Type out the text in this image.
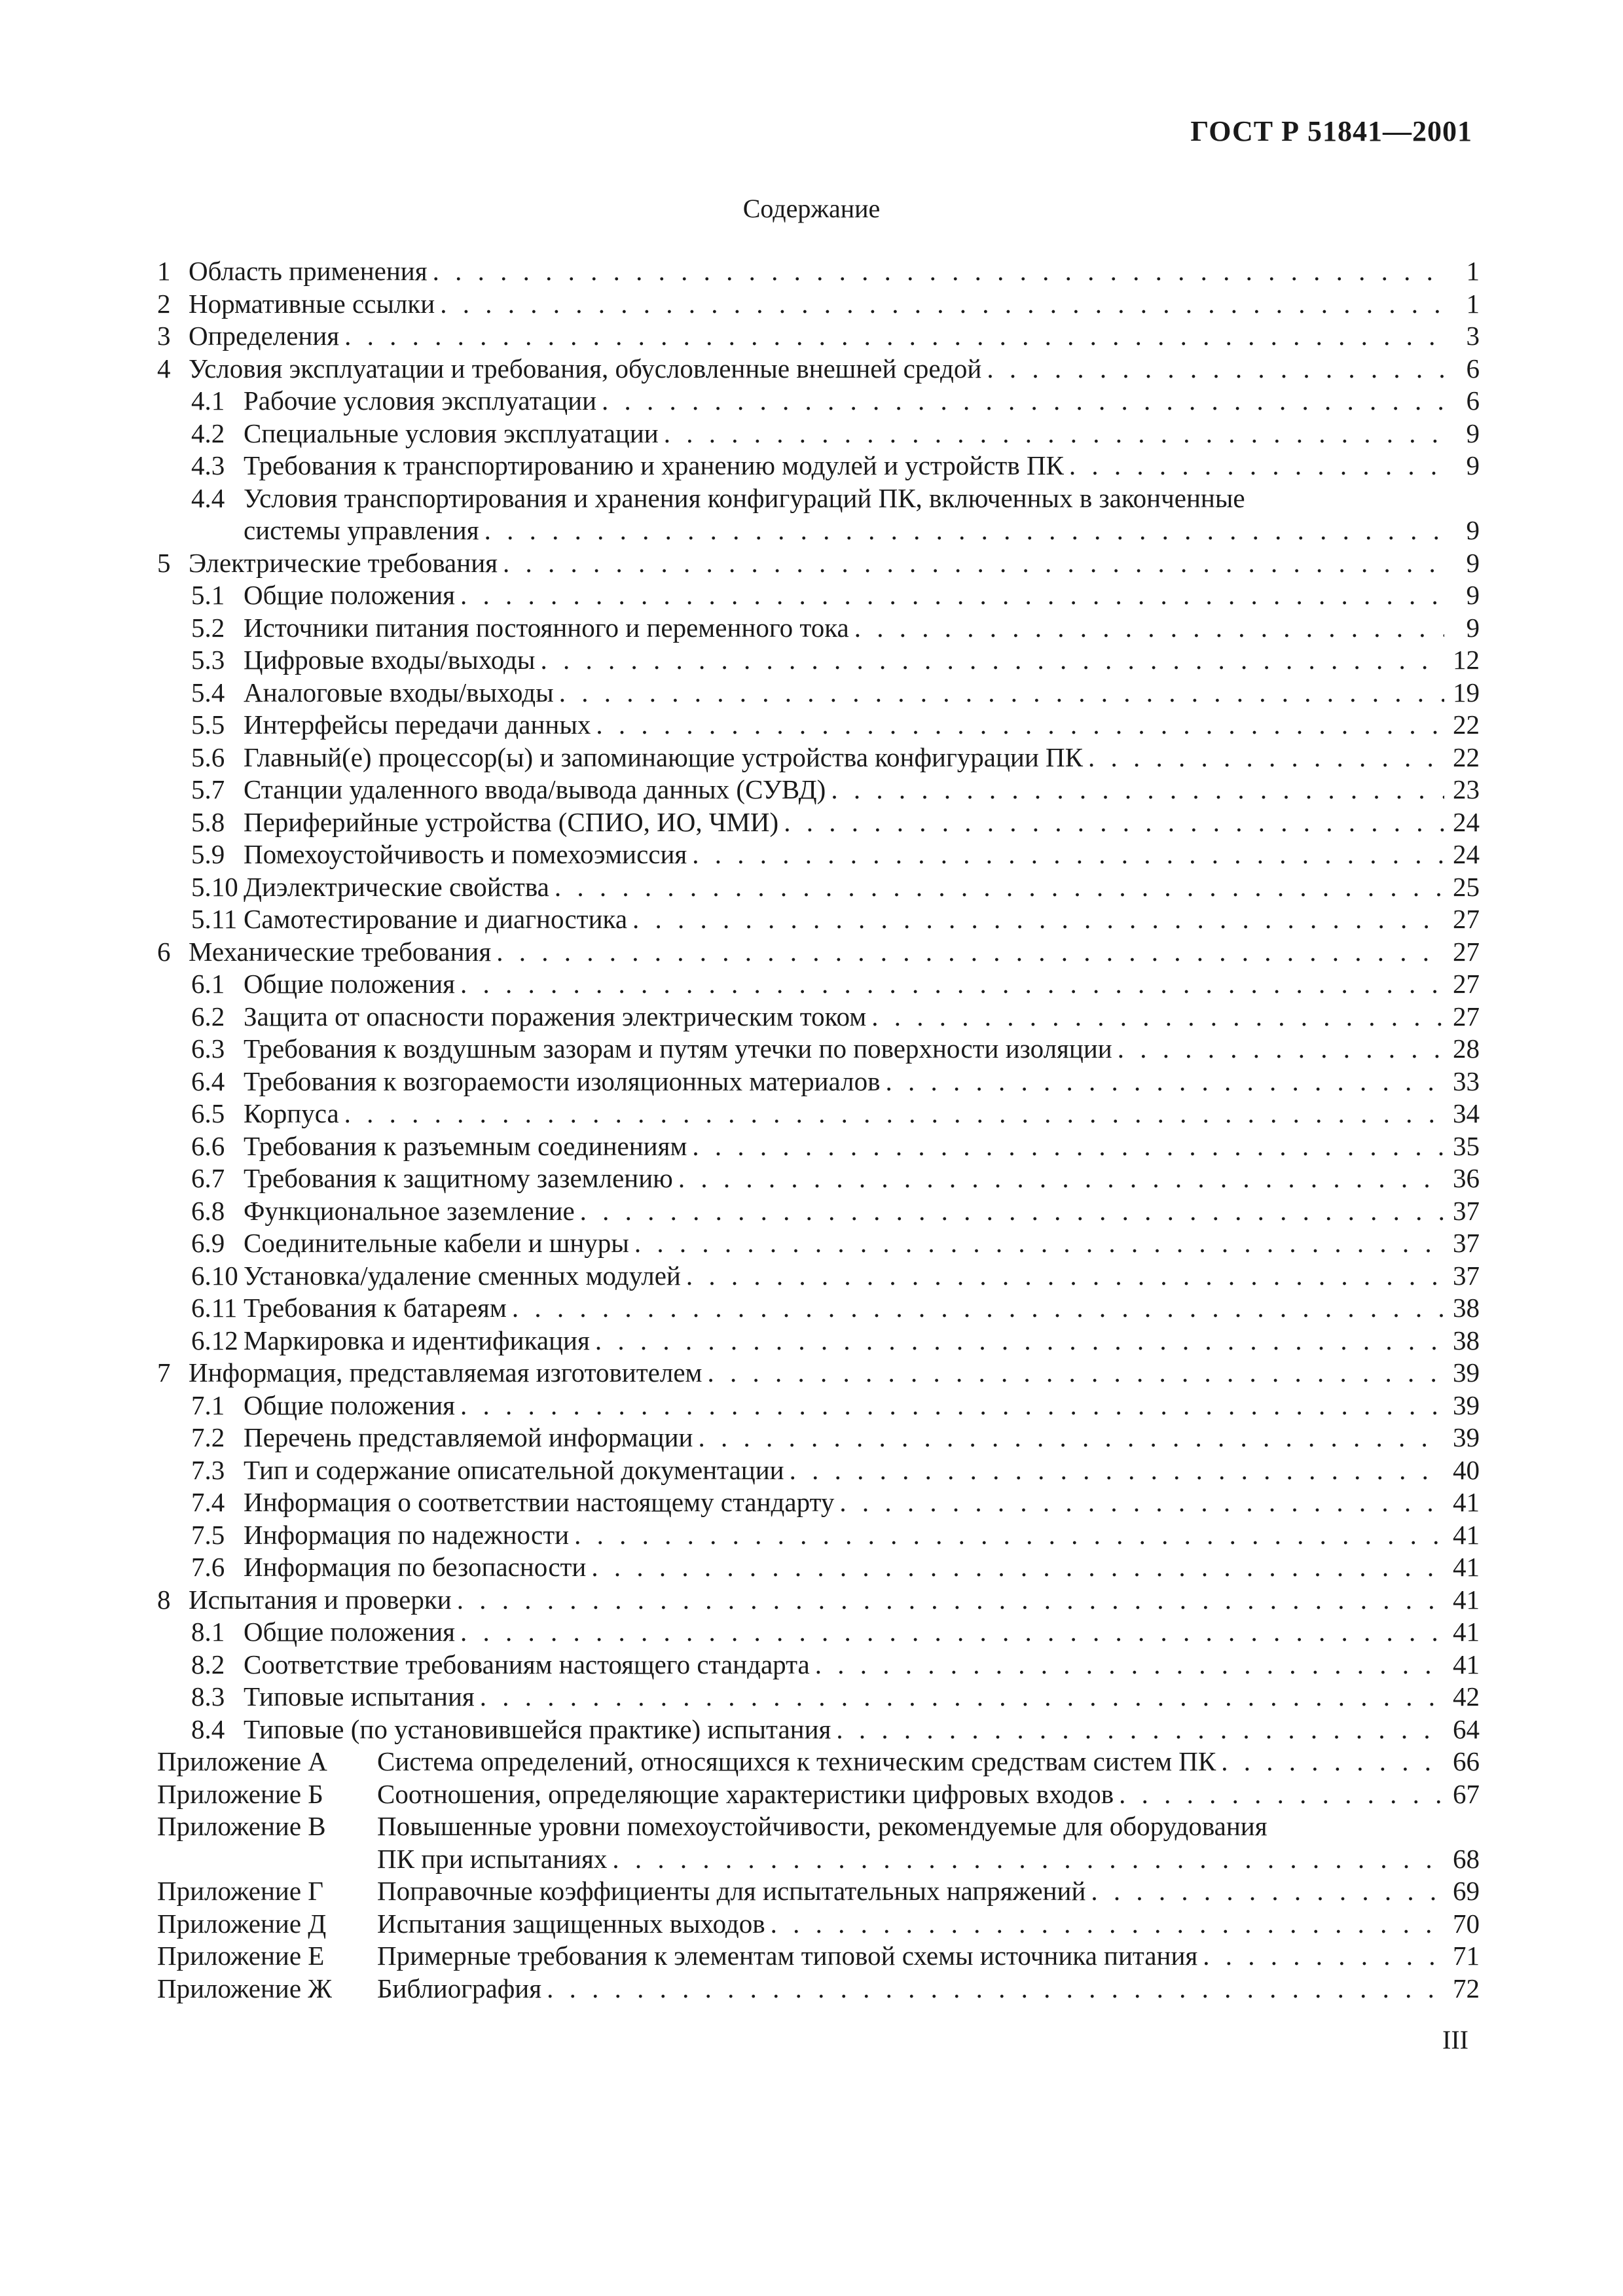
ГОСТ Р 51841—2001
Содержание
1 Область применения . . .	1
2 Нормативные ссылки . . .	1
3 Определения . . .	3
4 Условия эксплуатации и требования, обусловленные внешней средой . . .	6
4.1 Рабочие условия эксплуатации . . .	6
4.2 Специальные условия эксплуатации . . .	9
4.3 Требования к транспортированию и хранению модулей и устройств ПК . . .	9
4.4 Условия транспортирования и хранения конфигураций ПК, включенных в законченные
системы управления . . .	9
5 Электрические требования . . .	9
5.1 Общие положения . . .	9
5.2 Источники питания постоянного и переменного тока . . .	9
5.3 Цифровые входы/выходы . . .	12
5.4 Аналоговые входы/выходы . . .	19
5.5 Интерфейсы передачи данных . . .	22
5.6 Главный(е) процессор(ы) и запоминающие устройства конфигурации ПК . . .	22
5.7 Станции удаленного ввода/вывода данных (СУВД) . . .	23
5.8 Периферийные устройства (СПИО, ИО, ЧМИ) . . .	24
5.9 Помехоустойчивость и помехоэмиссия . . .	24
5.10 Диэлектрические свойства . . .	25
5.11 Самотестирование и диагностика . . .	27
6 Механические требования . . .	27
6.1 Общие положения . . .	27
6.2 Защита от опасности поражения электрическим током . . .	27
6.3 Требования к воздушным зазорам и путям утечки по поверхности изоляции . . .	28
6.4 Требования к возгораемости изоляционных материалов . . .	33
6.5 Корпуса . . .	34
6.6 Требования к разъемным соединениям . . .	35
6.7 Требования к защитному заземлению . . .	36
6.8 Функциональное заземление . . .	37
6.9 Соединительные кабели и шнуры . . .	37
6.10 Установка/удаление сменных модулей . . .	37
6.11 Требования к батареям . . .	38
6.12 Маркировка и идентификация . . .	38
7 Информация, представляемая изготовителем . . .	39
7.1 Общие положения . . .	39
7.2 Перечень представляемой информации . . .	39
7.3 Тип и содержание описательной документации . . .	40
7.4 Информация о соответствии настоящему стандарту . . .	41
7.5 Информация по надежности . . .	41
7.6 Информация по безопасности . . .	41
8 Испытания и проверки . . .	41
8.1 Общие положения . . .	41
8.2 Соответствие требованиям настоящего стандарта . . .	41
8.3 Типовые испытания . . .	42
8.4 Типовые (по установившейся практике) испытания . . .	64
Приложение А	Система определений, относящихся к техническим средствам систем ПК . . .	66
Приложение Б	Соотношения, определяющие характеристики цифровых входов . . .	67
Приложение В	Повышенные уровни помехоустойчивости, рекомендуемые для оборудования
ПК при испытаниях . . .	68
Приложение Г	Поправочные коэффициенты для испытательных напряжений . . .	69
Приложение Д	Испытания защищенных выходов . . .	70
Приложение Е	Примерные требования к элементам типовой схемы источника питания . . .	71
Приложение Ж	Библиография . . .	72
III
